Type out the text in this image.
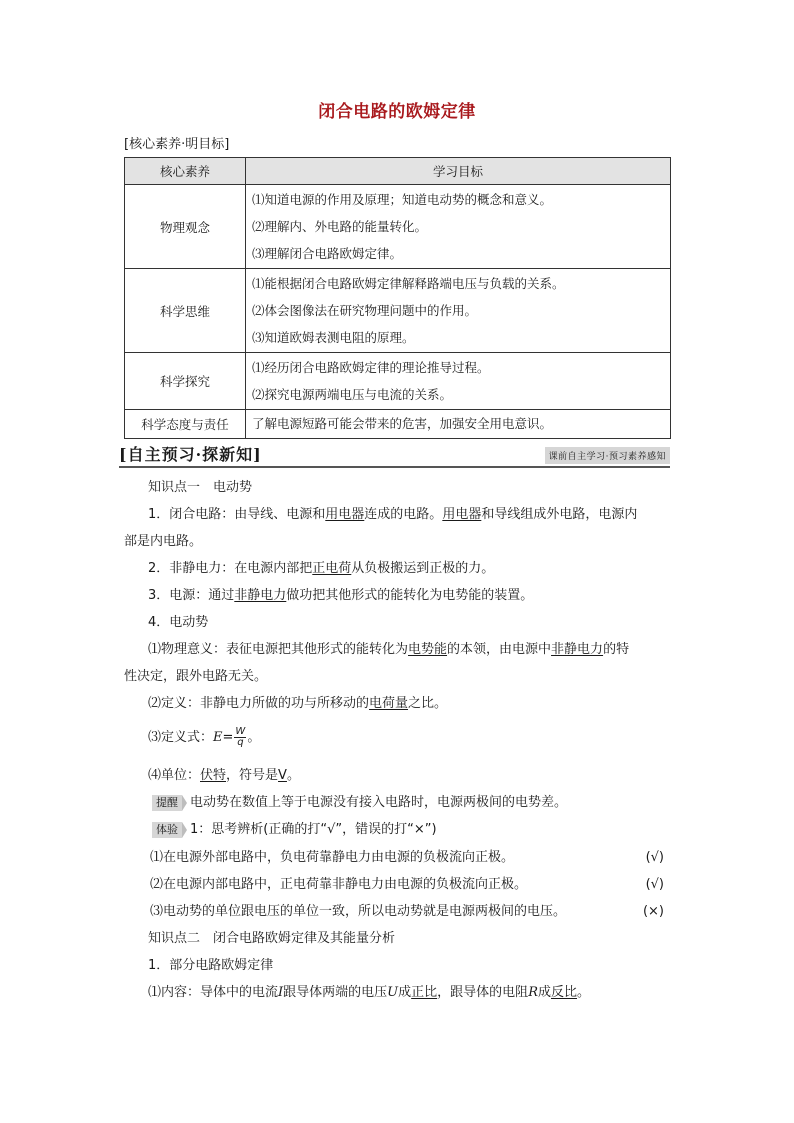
闭合电路的欧姆定律
[核心素养·明目标]
核心素养	学习目标
物理观念	⑴知道电源的作用及原理；知道电动势的概念和意义。
⑵理解内、外电路的能量转化。
⑶理解闭合电路欧姆定律。

科学思维	⑴能根据闭合电路欧姆定律解释路端电压与负载的关系。
⑵体会图像法在研究物理问题中的作用。
⑶知道欧姆表测电阻的原理。

科学探究	⑴经历闭合电路欧姆定律的理论推导过程。
⑵探究电源两端电压与电流的关系。

科学态度与责任	了解电源短路可能会带来的危害，加强安全用电意识。
[自主预习·探新知]	课前自主学习·预习素养感知
知识点一　电动势
1．闭合电路：由导线、电源和用电器连成的电路。用电器和导线组成外电路，电源内
部是内电路。
2．非静电力：在电源内部把正电荷从负极搬运到正极的力。
3．电源：通过非静电力做功把其他形式的能转化为电势能的装置。
4．电动势
⑴物理意义：表征电源把其他形式的能转化为电势能的本领，由电源中非静电力的特
性决定，跟外电路无关。
⑵定义：非静电力所做的功与所移动的电荷量之比。
⑶定义式：$E= \frac{W}{q}$ 。
⑷单位：伏特，符号是V。
提醒 电动势在数值上等于电源没有接入电路时，电源两极间的电势差。
体验 1：思考辨析(正确的打“√”，错误的打“×”)
⑴在电源外部电路中，负电荷靠静电力由电源的负极流向正极。	(√)
⑵在电源内部电路中，正电荷靠非静电力由电源的负极流向正极。	(√)
⑶电动势的单位跟电压的单位一致，所以电动势就是电源两极间的电压。	(×)
知识点二　闭合电路欧姆定律及其能量分析
1．部分电路欧姆定律
⑴内容：导体中的电流I跟导体两端的电压U成正比，跟导体的电阻R成反比。
